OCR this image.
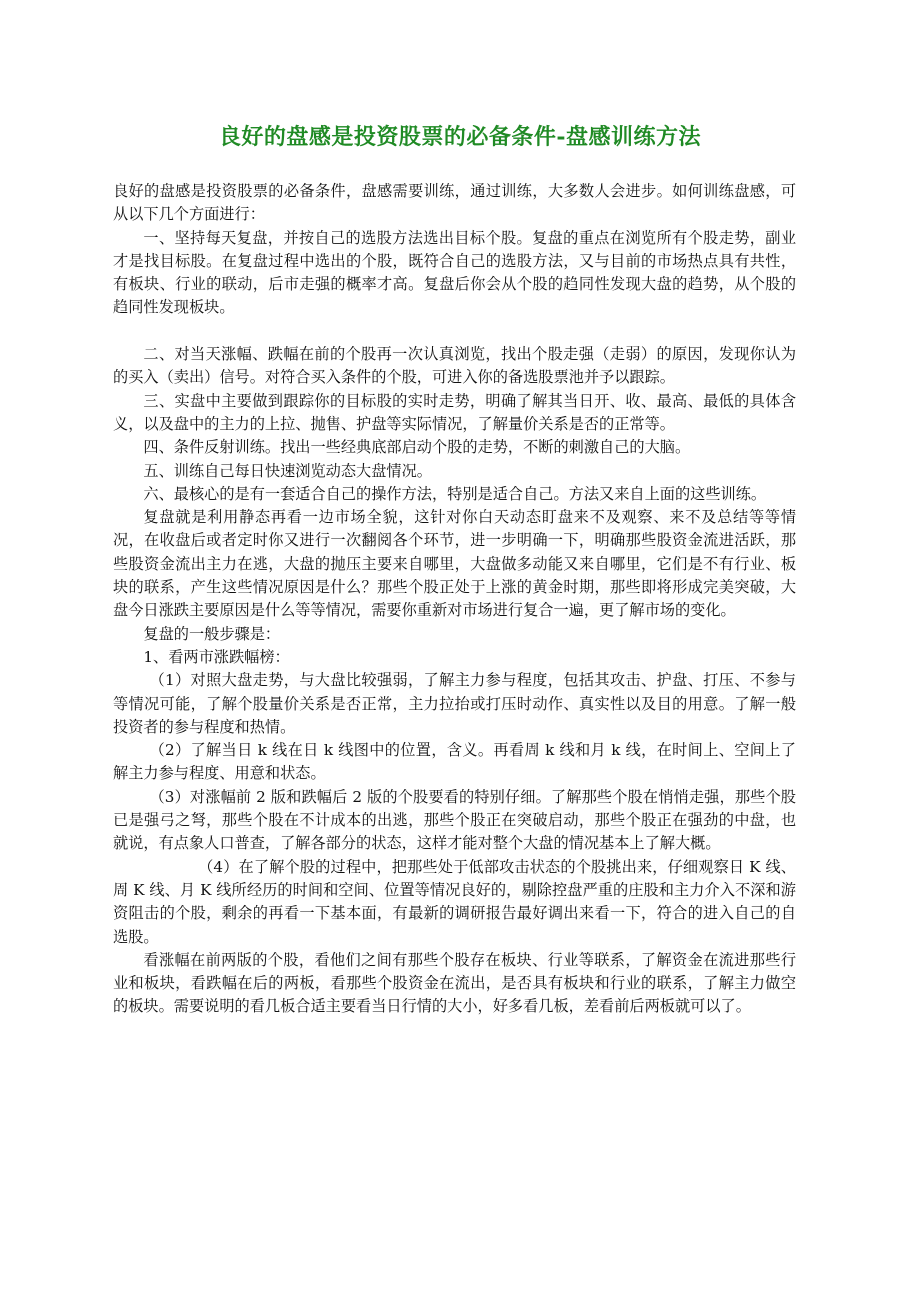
良好的盘感是投资股票的必备条件-盘感训练方法

良好的盘感是投资股票的必备条件，盘感需要训练，通过训练，大多数人会进步。如何训练盘感，可从以下几个方面进行：

一、坚持每天复盘，并按自己的选股方法选出目标个股。复盘的重点在浏览所有个股走势，副业才是找目标股。在复盘过程中选出的个股，既符合自己的选股方法，又与目前的市场热点具有共性，有板块、行业的联动，后市走强的概率才高。复盘后你会从个股的趋同性发现大盘的趋势，从个股的趋同性发现板块。

二、对当天涨幅、跌幅在前的个股再一次认真浏览，找出个股走强（走弱）的原因，发现你认为的买入（卖出）信号。对符合买入条件的个股，可进入你的备选股票池并予以跟踪。

三、实盘中主要做到跟踪你的目标股的实时走势，明确了解其当日开、收、最高、最低的具体含义，以及盘中的主力的上拉、抛售、护盘等实际情况，了解量价关系是否的正常等。

四、条件反射训练。找出一些经典底部启动个股的走势，不断的刺激自己的大脑。

五、训练自己每日快速浏览动态大盘情况。

六、最核心的是有一套适合自己的操作方法，特别是适合自己。方法又来自上面的这些训练。

复盘就是利用静态再看一边市场全貌，这针对你白天动态盯盘来不及观察、来不及总结等等情况，在收盘后或者定时你又进行一次翻阅各个环节，进一步明确一下，明确那些股资金流进活跃，那些股资金流出主力在逃，大盘的抛压主要来自哪里，大盘做多动能又来自哪里，它们是不有行业、板块的联系，产生这些情况原因是什么？那些个股正处于上涨的黄金时期，那些即将形成完美突破，大盘今日涨跌主要原因是什么等等情况，需要你重新对市场进行复合一遍，更了解市场的变化。

复盘的一般步骤是：

1、看两市涨跌幅榜：

（1）对照大盘走势，与大盘比较强弱，了解主力参与程度，包括其攻击、护盘、打压、不参与等情况可能，了解个股量价关系是否正常，主力拉抬或打压时动作、真实性以及目的用意。了解一般投资者的参与程度和热情。

（2）了解当日 k 线在日 k 线图中的位置，含义。再看周 k 线和月 k 线，在时间上、空间上了解主力参与程度、用意和状态。

（3）对涨幅前 2 版和跌幅后 2 版的个股要看的特别仔细。了解那些个股在悄悄走强，那些个股已是强弓之弩，那些个股在不计成本的出逃，那些个股正在突破启动，那些个股正在强劲的中盘，也就说，有点象人口普查，了解各部分的状态，这样才能对整个大盘的情况基本上了解大概。

（4）在了解个股的过程中，把那些处于低部攻击状态的个股挑出来，仔细观察日 K 线、周 K 线、月 K 线所经历的时间和空间、位置等情况良好的，剔除控盘严重的庄股和主力介入不深和游资阻击的个股，剩余的再看一下基本面，有最新的调研报告最好调出来看一下，符合的进入自己的自选股。

看涨幅在前两版的个股，看他们之间有那些个股存在板块、行业等联系，了解资金在流进那些行业和板块，看跌幅在后的两板，看那些个股资金在流出，是否具有板块和行业的联系，了解主力做空的板块。需要说明的看几板合适主要看当日行情的大小，好多看几板，差看前后两板就可以了。
